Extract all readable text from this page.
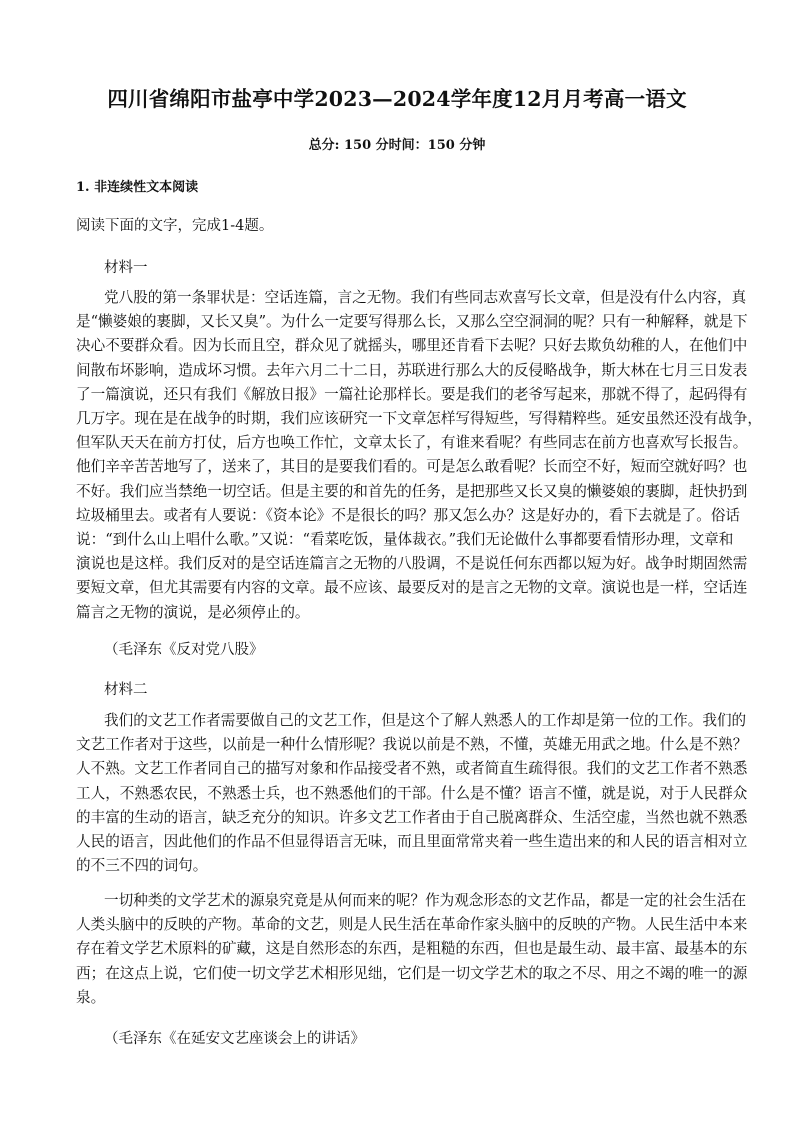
四川省绵阳市盐亭中学2023—2024学年度12月月考高一语文
总分: 150 分时间：150 分钟
1. 非连续性文本阅读
阅读下面的文字，完成1-4题。
材料一
党八股的第一条罪状是：空话连篇，言之无物。我们有些同志欢喜写长文章，但是没有什么内容，真
是“懒婆娘的裹脚，又长又臭”。为什么一定要写得那么长，又那么空空洞洞的呢？只有一种解释，就是下
决心不要群众看。因为长而且空，群众见了就摇头，哪里还肯看下去呢？只好去欺负幼稚的人，在他们中
间散布坏影响，造成坏习惯。去年六月二十二日，苏联进行那么大的反侵略战争，斯大林在七月三日发表
了一篇演说，还只有我们《解放日报》一篇社论那样长。要是我们的老爷写起来，那就不得了，起码得有
几万字。现在是在战争的时期，我们应该研究一下文章怎样写得短些，写得精粹些。延安虽然还没有战争，
但军队天天在前方打仗，后方也唤工作忙，文章太长了，有谁来看呢？有些同志在前方也喜欢写长报告。
他们辛辛苦苦地写了，送来了，其目的是要我们看的。可是怎么敢看呢？长而空不好，短而空就好吗？也
不好。我们应当禁绝一切空话。但是主要的和首先的任务，是把那些又长又臭的懒婆娘的裹脚，赶快扔到
垃圾桶里去。或者有人要说：《资本论》不是很长的吗？那又怎么办？这是好办的，看下去就是了。俗话
说：“到什么山上唱什么歌。”又说：“看菜吃饭，量体裁衣。”我们无论做什么事都要看情形办理，文章和
演说也是这样。我们反对的是空话连篇言之无物的八股调，不是说任何东西都以短为好。战争时期固然需
要短文章，但尤其需要有内容的文章。最不应该、最要反对的是言之无物的文章。演说也是一样，空话连
篇言之无物的演说，是必须停止的。
（毛泽东《反对党八股》
材料二
我们的文艺工作者需要做自己的文艺工作，但是这个了解人熟悉人的工作却是第一位的工作。我们的
文艺工作者对于这些，以前是一种什么情形呢？我说以前是不熟，不懂，英雄无用武之地。什么是不熟？
人不熟。文艺工作者同自己的描写对象和作品接受者不熟，或者简直生疏得很。我们的文艺工作者不熟悉
工人，不熟悉农民，不熟悉士兵，也不熟悉他们的干部。什么是不懂？语言不懂，就是说，对于人民群众
的丰富的生动的语言，缺乏充分的知识。许多文艺工作者由于自己脱离群众、生活空虚，当然也就不熟悉
人民的语言，因此他们的作品不但显得语言无味，而且里面常常夹着一些生造出来的和人民的语言相对立
的不三不四的词句。
一切种类的文学艺术的源泉究竟是从何而来的呢？作为观念形态的文艺作品，都是一定的社会生活在
人类头脑中的反映的产物。革命的文艺，则是人民生活在革命作家头脑中的反映的产物。人民生活中本来
存在着文学艺术原料的矿藏，这是自然形态的东西，是粗糙的东西，但也是最生动、最丰富、最基本的东
西；在这点上说，它们使一切文学艺术相形见绌，它们是一切文学艺术的取之不尽、用之不竭的唯一的源
泉。
（毛泽东《在延安文艺座谈会上的讲话》
